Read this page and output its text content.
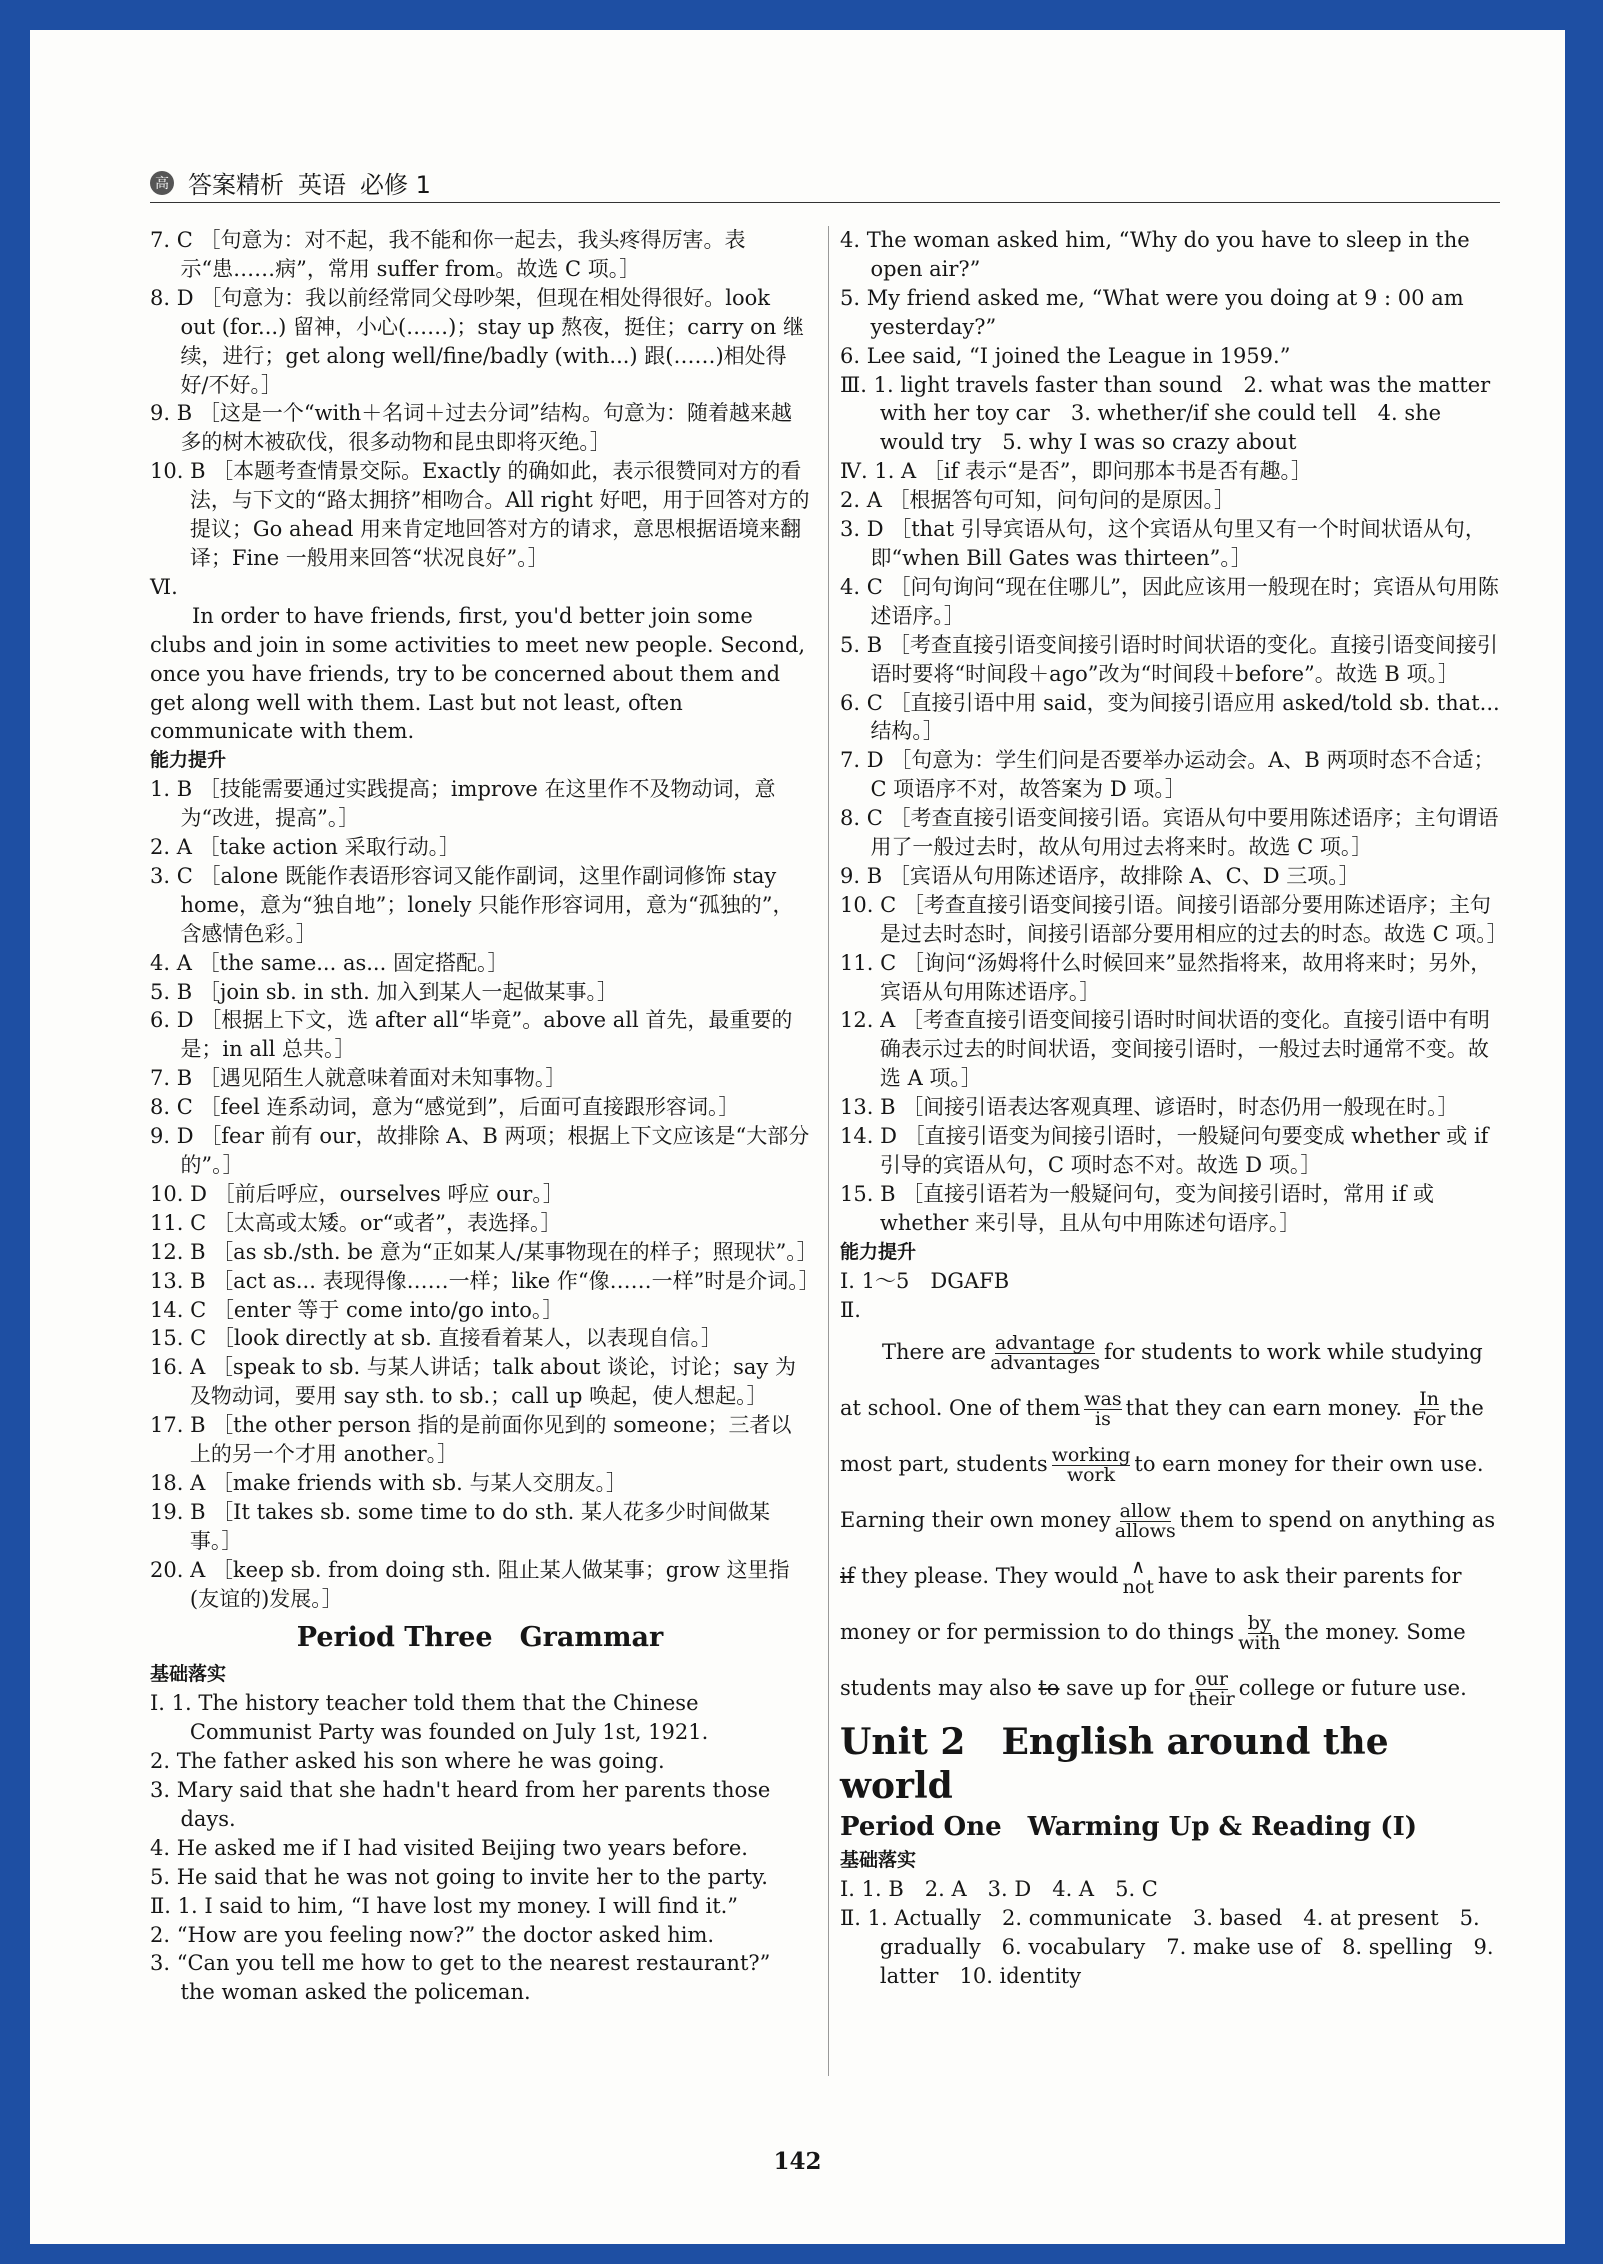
高 答案精析 英语 必修 1
7. C ［句意为：对不起，我不能和你一起去，我头疼得厉害。表示“患……病”，常用 suffer from。故选 C 项。］
8. D ［句意为：我以前经常同父母吵架，但现在相处得很好。look out (for...) 留神，小心(……)；stay up 熬夜，挺住；carry on 继续，进行；get along well/fine/badly (with...) 跟(……)相处得好/不好。］
9. B ［这是一个“with＋名词＋过去分词”结构。句意为：随着越来越多的树木被砍伐，很多动物和昆虫即将灭绝。］
10. B ［本题考查情景交际。Exactly 的确如此，表示很赞同对方的看法，与下文的“路太拥挤”相吻合。All right 好吧，用于回答对方的提议；Go ahead 用来肯定地回答对方的请求，意思根据语境来翻译；Fine 一般用来回答“状况良好”。］
Ⅵ.
In order to have friends, first, you'd better join some clubs and join in some activities to meet new people. Second, once you have friends, try to be concerned about them and get along well with them. Last but not least, often communicate with them.
能力提升
1. B ［技能需要通过实践提高；improve 在这里作不及物动词，意为“改进，提高”。］
2. A ［take action 采取行动。］
3. C ［alone 既能作表语形容词又能作副词，这里作副词修饰 stay home，意为“独自地”；lonely 只能作形容词用，意为“孤独的”，含感情色彩。］
4. A ［the same... as... 固定搭配。］
5. B ［join sb. in sth. 加入到某人一起做某事。］
6. D ［根据上下文，选 after all“毕竟”。above all 首先，最重要的是；in all 总共。］
7. B ［遇见陌生人就意味着面对未知事物。］
8. C ［feel 连系动词，意为“感觉到”，后面可直接跟形容词。］
9. D ［fear 前有 our，故排除 A、B 两项；根据上下文应该是“大部分的”。］
10. D ［前后呼应，ourselves 呼应 our。］
11. C ［太高或太矮。or“或者”，表选择。］
12. B ［as sb./sth. be 意为“正如某人/某事物现在的样子；照现状”。］
13. B ［act as... 表现得像……一样；like 作“像……一样”时是介词。］
14. C ［enter 等于 come into/go into。］
15. C ［look directly at sb. 直接看着某人，以表现自信。］
16. A ［speak to sb. 与某人讲话；talk about 谈论，讨论；say 为及物动词，要用 say sth. to sb.；call up 唤起，使人想起。］
17. B ［the other person 指的是前面你见到的 someone；三者以上的另一个才用 another。］
18. A ［make friends with sb. 与某人交朋友。］
19. B ［It takes sb. some time to do sth. 某人花多少时间做某事。］
20. A ［keep sb. from doing sth. 阻止某人做某事；grow 这里指(友谊的)发展。］
Period Three　Grammar
基础落实
Ⅰ. 1. The history teacher told them that the Chinese Communist Party was founded on July 1st, 1921.
2. The father asked his son where he was going.
3. Mary said that she hadn't heard from her parents those days.
4. He asked me if I had visited Beijing two years before.
5. He said that he was not going to invite her to the party.
Ⅱ. 1. I said to him, “I have lost my money. I will find it.”
2. “How are you feeling now?” the doctor asked him.
3. “Can you tell me how to get to the nearest restaurant?” the woman asked the policeman.
4. The woman asked him, “Why do you have to sleep in the open air?”
5. My friend asked me, “What were you doing at 9 : 00 am yesterday?”
6. Lee said, “I joined the League in 1959.”
Ⅲ. 1. light travels faster than sound　2. what was the matter with her toy car　3. whether/if she could tell　4. she would try　5. why I was so crazy about
Ⅳ. 1. A ［if 表示“是否”，即问那本书是否有趣。］
2. A ［根据答句可知，问句问的是原因。］
3. D ［that 引导宾语从句，这个宾语从句里又有一个时间状语从句，即“when Bill Gates was thirteen”。］
4. C ［问句询问“现在住哪儿”，因此应该用一般现在时；宾语从句用陈述语序。］
5. B ［考查直接引语变间接引语时时间状语的变化。直接引语变间接引语时要将“时间段＋ago”改为“时间段＋before”。故选 B 项。］
6. C ［直接引语中用 said，变为间接引语应用 asked/told sb. that... 结构。］
7. D ［句意为：学生们问是否要举办运动会。A、B 两项时态不合适；C 项语序不对，故答案为 D 项。］
8. C ［考查直接引语变间接引语。宾语从句中要用陈述语序；主句谓语用了一般过去时，故从句用过去将来时。故选 C 项。］
9. B ［宾语从句用陈述语序，故排除 A、C、D 三项。］
10. C ［考查直接引语变间接引语。间接引语部分要用陈述语序；主句是过去时态时，间接引语部分要用相应的过去的时态。故选 C 项。］
11. C ［询问“汤姆将什么时候回来”显然指将来，故用将来时；另外，宾语从句用陈述语序。］
12. A ［考查直接引语变间接引语时时间状语的变化。直接引语中有明确表示过去的时间状语，变间接引语时，一般过去时通常不变。故选 A 项。］
13. B ［间接引语表达客观真理、谚语时，时态仍用一般现在时。］
14. D ［直接引语变为间接引语时，一般疑问句要变成 whether 或 if 引导的宾语从句，C 项时态不对。故选 D 项。］
15. B ［直接引语若为一般疑问句，变为间接引语时，常用 if 或 whether 来引导，且从句中用陈述句语序。］
能力提升
Ⅰ. 1～5　DGAFB
Ⅱ.
There are advantage
advantages for students to work while studying at school. One of them was
is that they can earn money. In
For the most part, students working
work to earn money for their own use. Earning their own money allow
allows them to spend on anything as if they please. They would ∧
not have to ask their parents for money or for permission to do things by
with the money. Some students may also to save up for our
their college or future use.
Unit 2　English around the world
Period One　Warming Up & Reading (Ⅰ)
基础落实
Ⅰ. 1. B　2. A　3. D　4. A　5. C
Ⅱ. 1. Actually　2. communicate　3. based　4. at present　5. gradually　6. vocabulary　7. make use of　8. spelling　9. latter　10. identity
142
